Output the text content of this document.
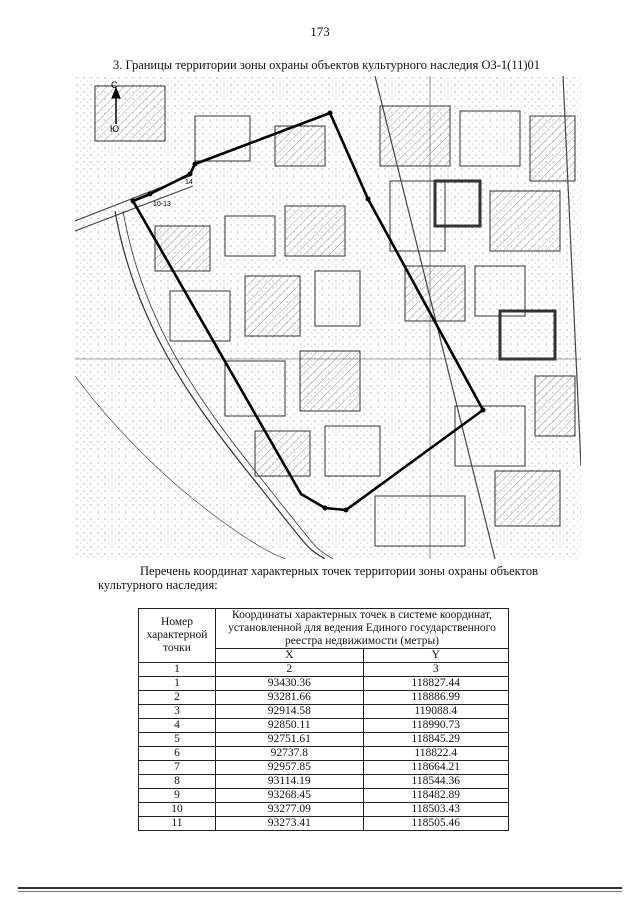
173
3. Границы территории зоны охраны объектов культурного наследия ОЗ-1(11)01
С
Ю
10-13
14
Перечень координат характерных точек территории зоны охраны объектов культурного наследия:
Номер характерной точки	Координаты характерных точек в системе координат, установленной для ведения Единого государственного реестра недвижимости (метры)	
	X	Y
1	2	3
1	93430.36	118827.44
2	93281.66	118886.99
3	92914.58	119088.4
4	92850.11	118990.73
5	92751.61	118845.29
6	92737.8	118822.4
7	92957.85	118664.21
8	93114.19	118544.36
9	93268.45	118482.89
10	93277.09	118503.43
11	93273.41	118505.46
